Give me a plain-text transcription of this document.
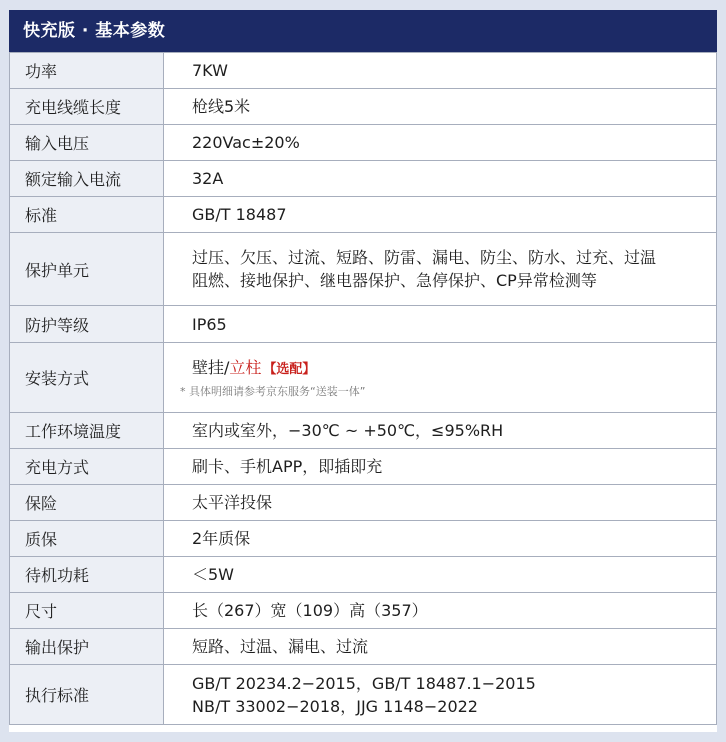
快充版 · 基本参数
功率	7KW
充电线缆长度	枪线5米
输入电压	220Vac±20%
额定输入电流	32A
标准	GB/T 18487
保护单元	过压、欠压、过流、短路、防雷、漏电、防尘、防水、过充、过温
阻燃、接地保护、继电器保护、急停保护、CP异常检测等

防护等级	IP65
安装方式	壁挂/立柱 【选配】
* 具体明细请参考京东服务“送装一体”

工作环境温度	室内或室外，−30℃ ~ +50℃，≤95%RH
充电方式	刷卡、手机APP，即插即充
保险	太平洋投保
质保	2年质保
待机功耗	＜5W
尺寸	长（267）宽（109）高（357）
输出保护	短路、过温、漏电、过流
执行标准	GB/T 20234.2−2015，GB/T 18487.1−2015
NB/T 33002−2018，JJG 1148−2022
